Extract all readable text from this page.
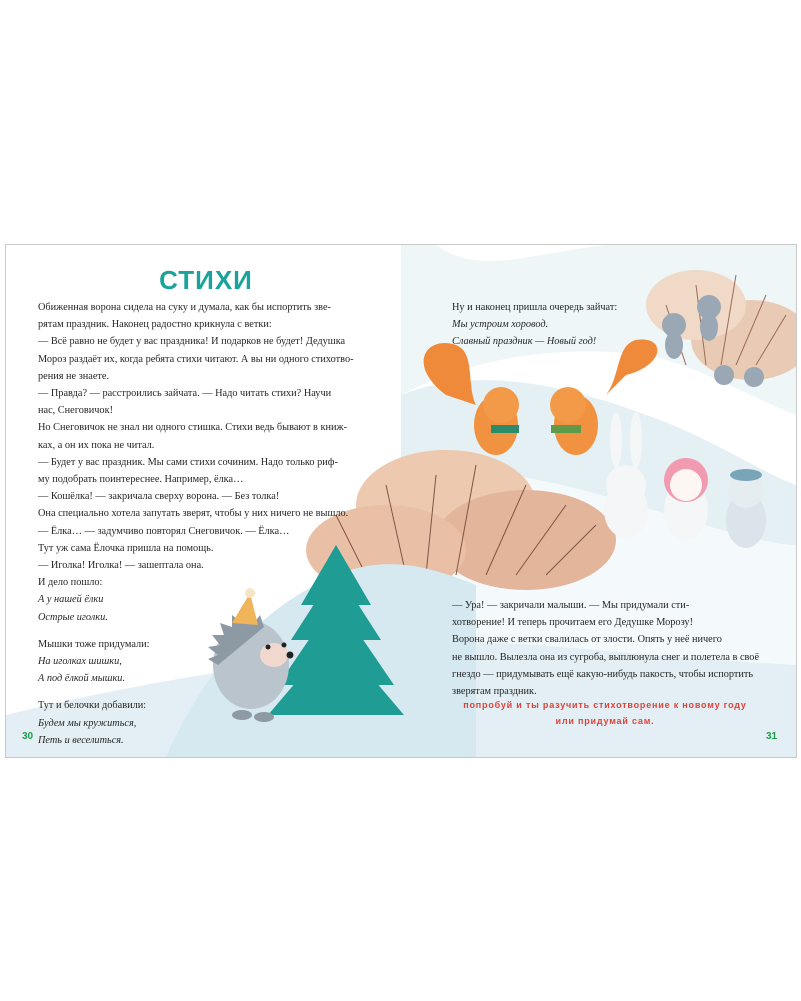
СТИХИ

Обиженная ворона сидела на суку и думала, как бы испортить зве-

рятам праздник. Наконец радостно крикнула с ветки:

— Всё равно не будет у вас праздника! И подарков не будет! Дедушка

Мороз раздаёт их, когда ребята стихи читают. А вы ни одного стихотво-

рения не знаете.

— Правда? — расстроились зайчата. — Надо читать стихи? Научи

нас, Снеговичок!

Но Снеговичок не знал ни одного стишка. Стихи ведь бывают в книж-

ках, а он их пока не читал.

— Будет у вас праздник. Мы сами стихи сочиним. Надо только риф-

му подобрать поинтереснее. Например, ёлка…

— Кошёлка! — закричала сверху ворона. — Без толка!

Она специально хотела запутать зверят, чтобы у них ничего не вышло.

— Ёлка… — задумчиво повторял Снеговичок. — Ёлка…

Тут уж сама Ёлочка пришла на помощь.

— Иголка! Иголка! — зашептала она.

И дело пошло:

А у нашей ёлки

Острые иголки.

Мышки тоже придумали:

На иголках шишки,

А под ёлкой мышки.

Тут и белочки добавили:

Будем мы кружиться,

Петь и веселиться.

Ну и наконец пришла очередь зайчат:

Мы устроим хоровод.

Славный праздник — Новый год!

— Ура! — закричали малыши. — Мы придумали сти-

хотворение! И теперь прочитаем его Дедушке Морозу!

Ворона даже с ветки свалилась от злости. Опять у неё ничего

не вышло. Вылезла она из сугроба, выплюнула снег и полетела в своё

гнездо — придумывать ещё какую-нибудь пакость, чтобы испортить

зверятам праздник.

попробуй и ты разучить стихотворение к новому году
или придумай сам.
30	31
